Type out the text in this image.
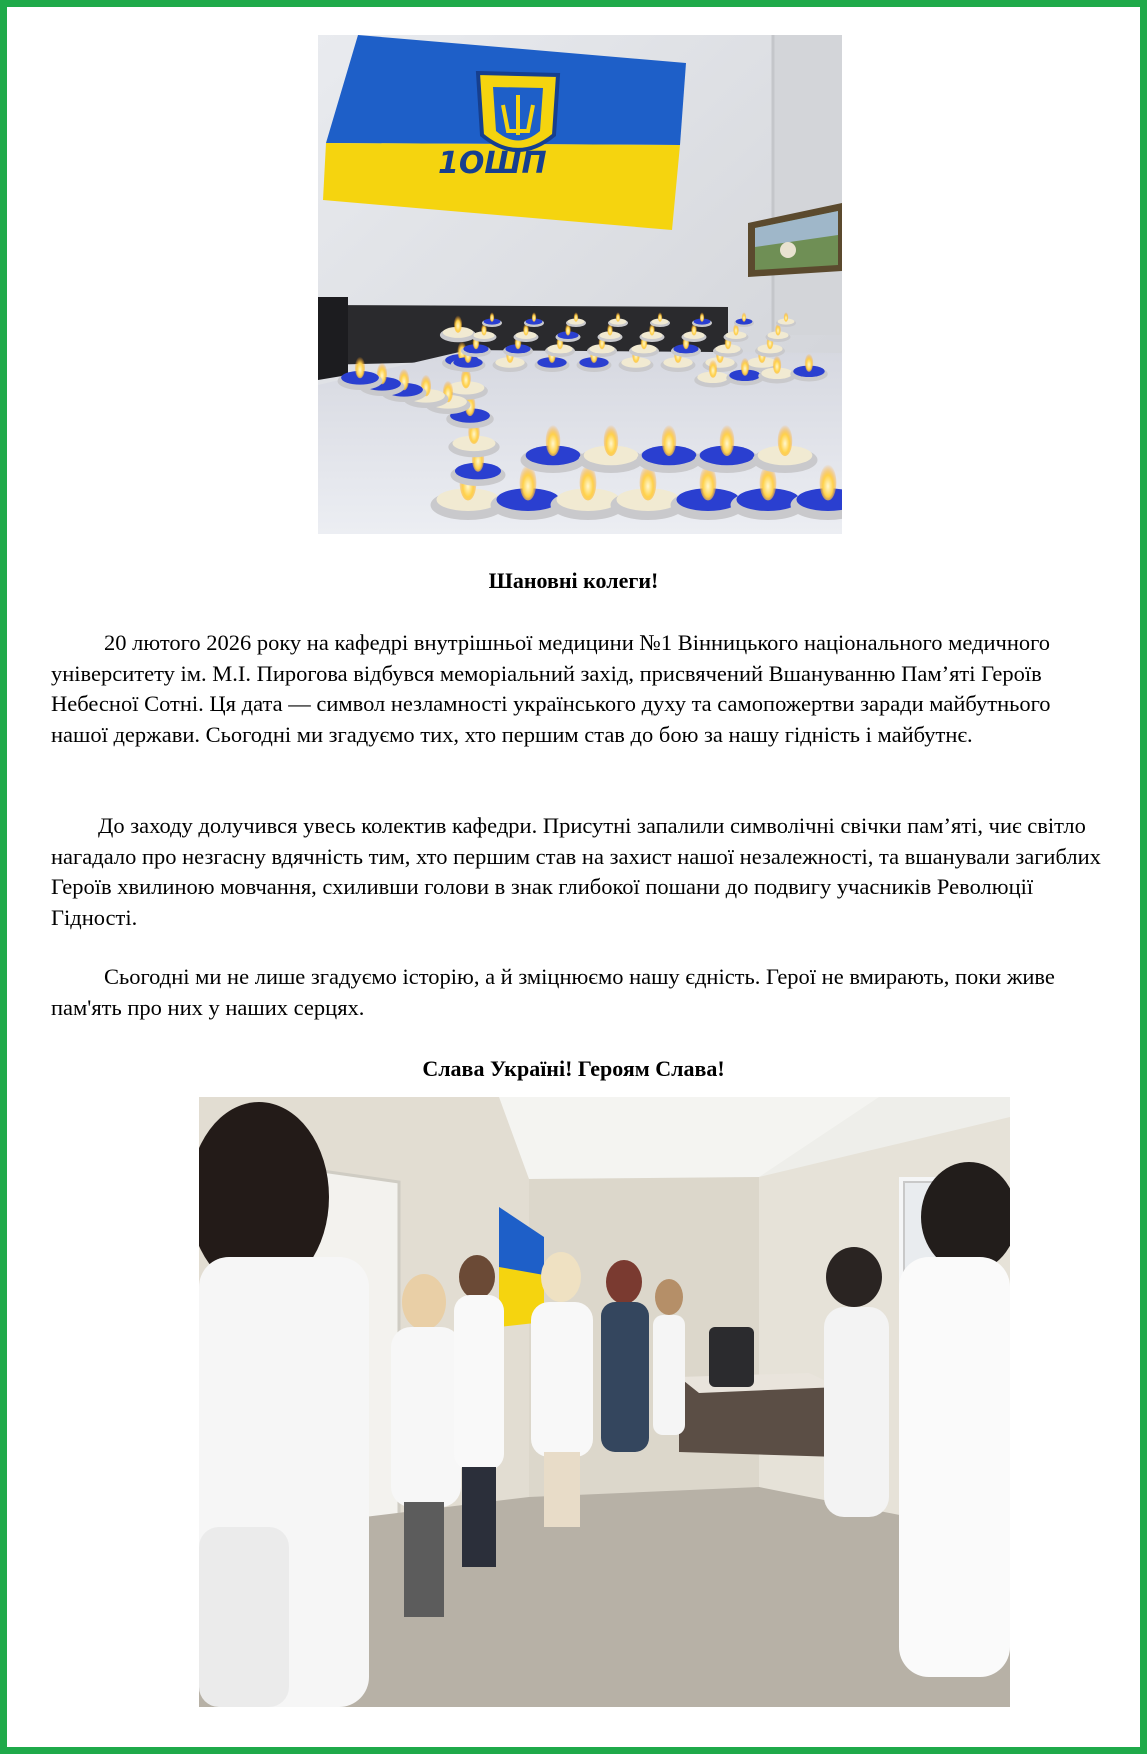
1ОШП
Шановні колеги!

20 лютого 2026 року на кафедрі внутрішньої медицини №1 Вінницького національного медичного університету ім. М.І. Пирогова відбувся меморіальний захід, присвячений Вшануванню Пам’яті Героїв Небесної Сотні. Ця дата — символ незламності українського духу та самопожертви заради майбутнього нашої держави. Сьогодні ми згадуємо тих, хто першим став до бою за нашу гідність і майбутнє.

До заходу долучився увесь колектив кафедри. Присутні запалили символічні свічки пам’яті, чиє світло нагадало про незгасну вдячність тим, хто першим став на захист нашої незалежності, та вшанували загиблих Героїв хвилиною мовчання, схиливши голови в знак глибокої пошани до подвигу учасників Революції Гідності.

Сьогодні ми не лише згадуємо історію, а й зміцнюємо нашу єдність. Герої не вмирають, поки живе пам'ять про них у наших серцях.

Слава Україні! Героям Слава!
